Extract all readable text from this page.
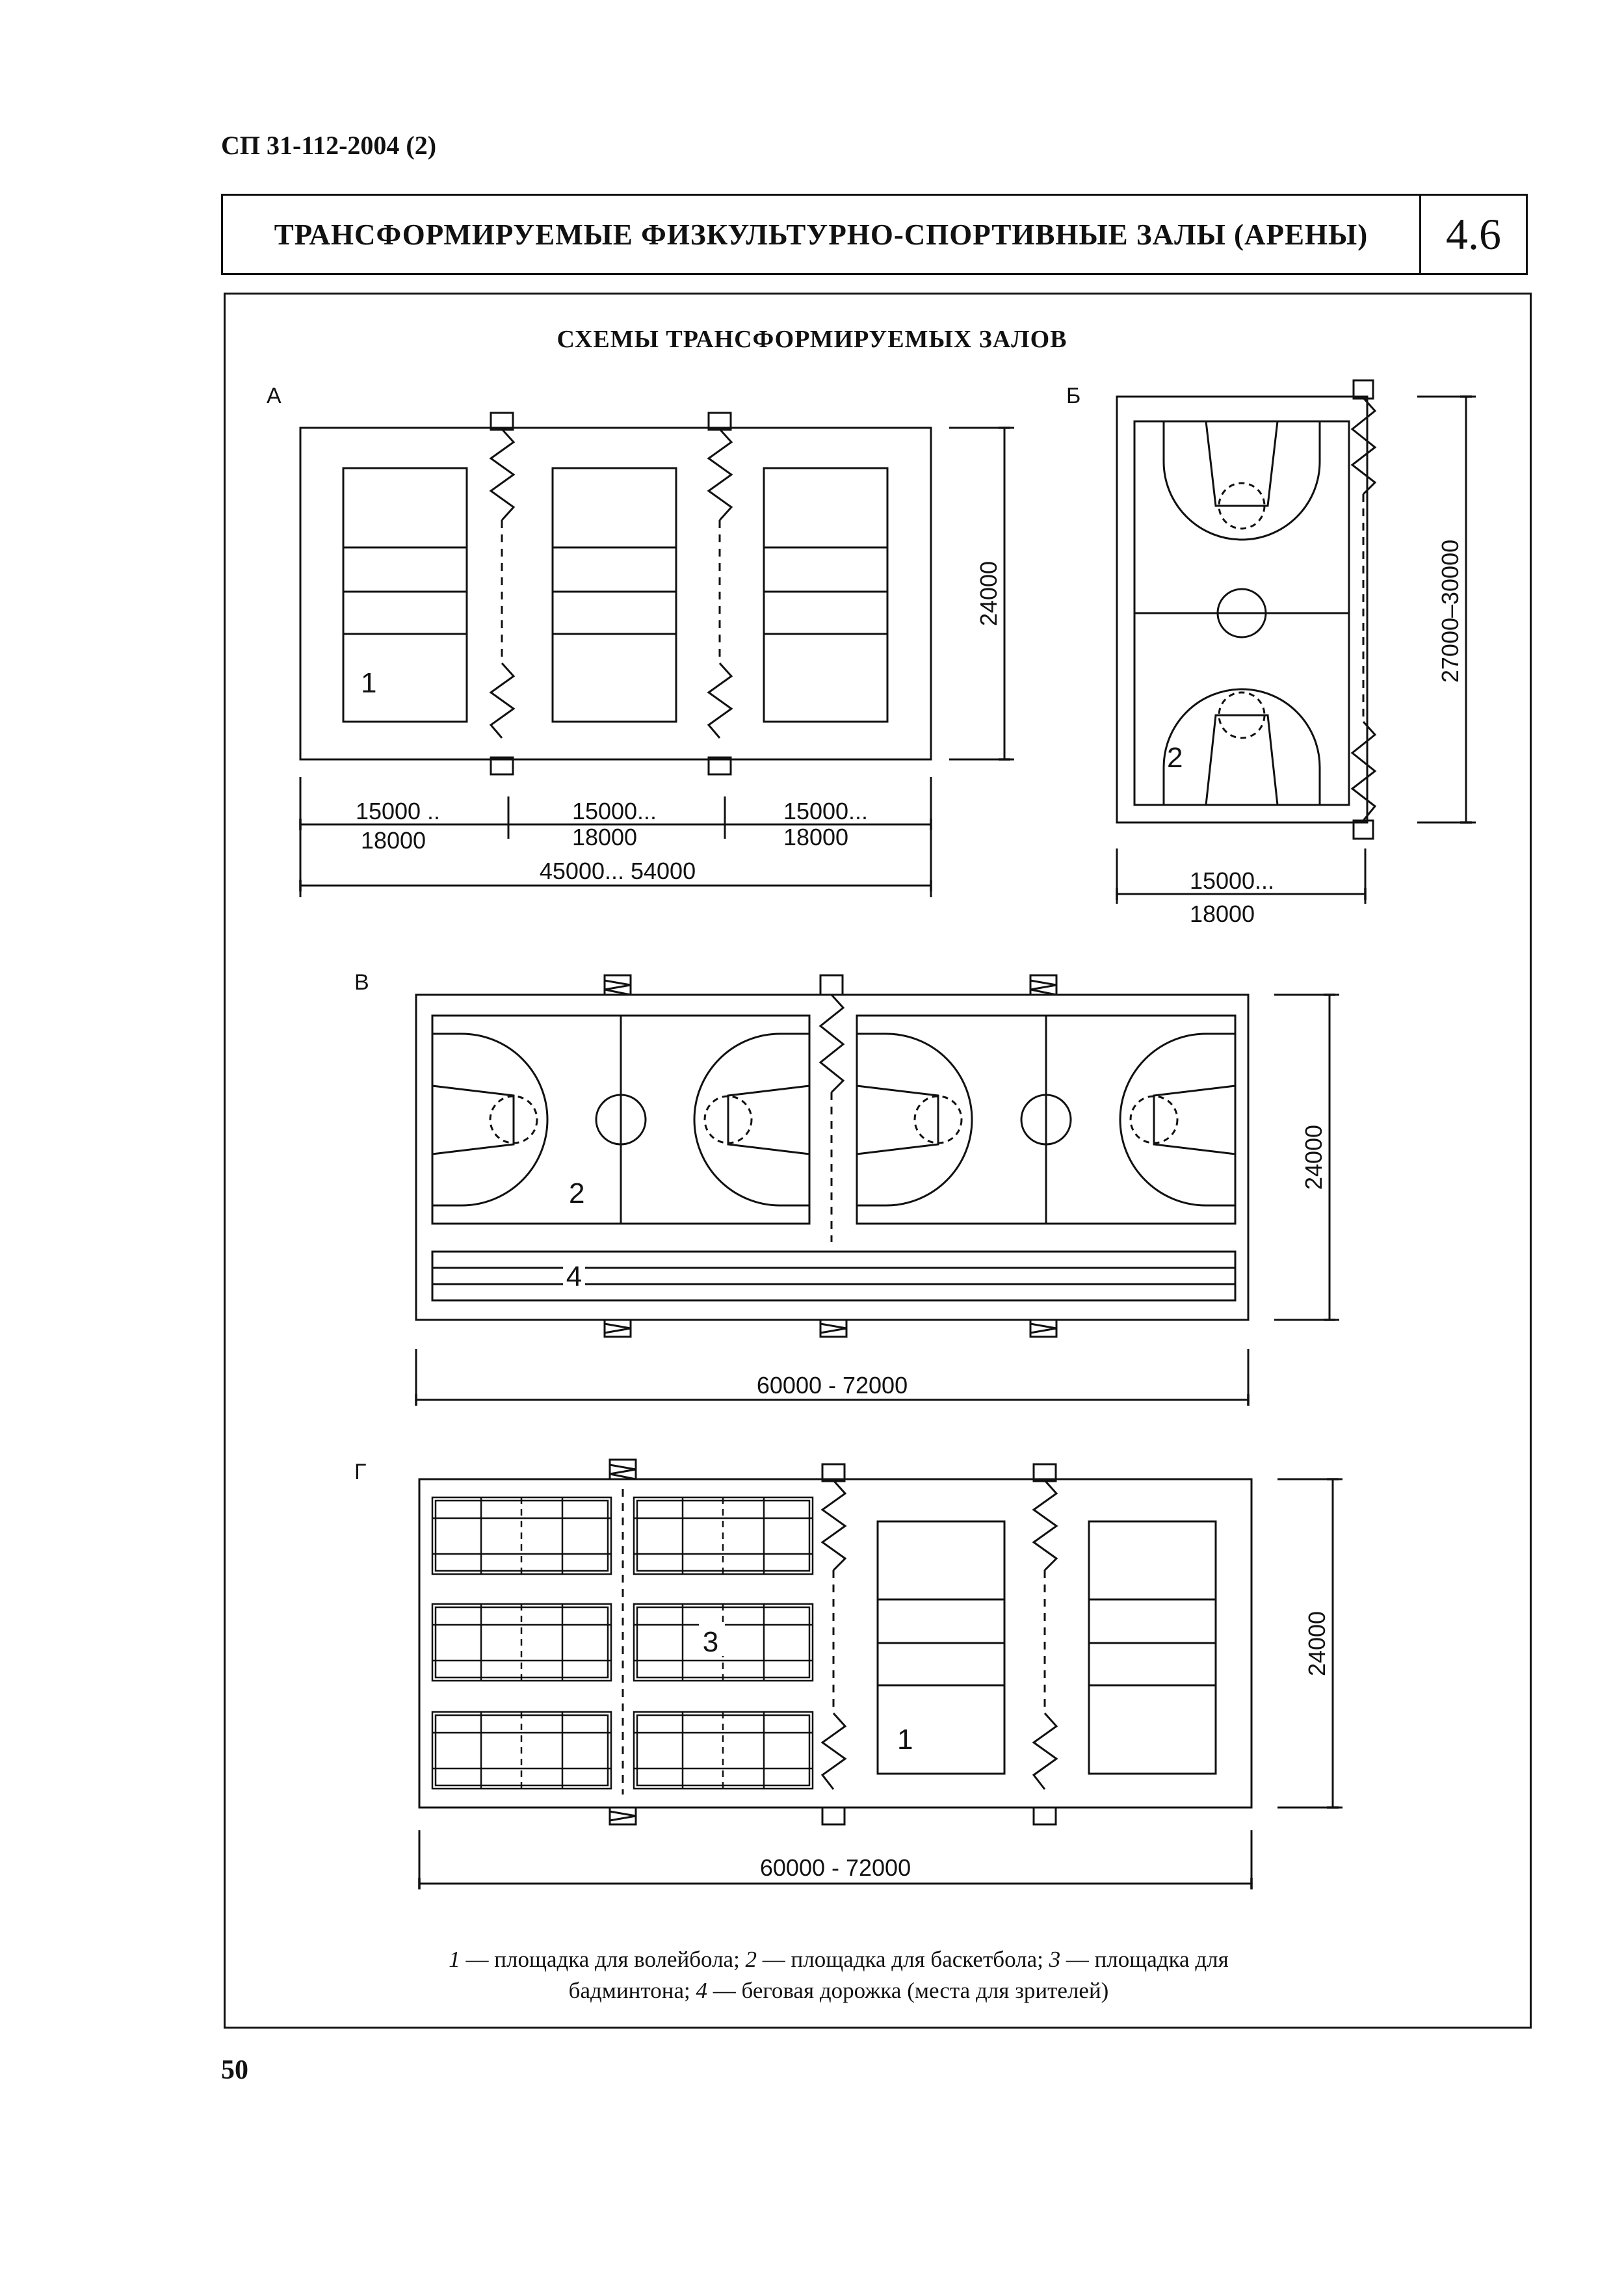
СП 31-112-2004 (2)
ТРАНСФОРМИРУЕМЫЕ ФИЗКУЛЬТУРНО-СПОРТИВНЫЕ ЗАЛЫ (АРЕНЫ)	4.6
СХЕМЫ ТРАНСФОРМИРУЕМЫХ ЗАЛОВ
А
1
24000
15000 ..	15000...	15000...
18000	18000	18000
45000... 54000
Б
2
27000–30000
15000...
18000
В
2
4
24000
60000 - 72000
Г
3
1
24000
60000 - 72000
1 — площадка для волейбола; 2 — площадка для баскетбола; 3 — площадка для
бадминтона; 4 — беговая дорожка (места для зрителей)
50
